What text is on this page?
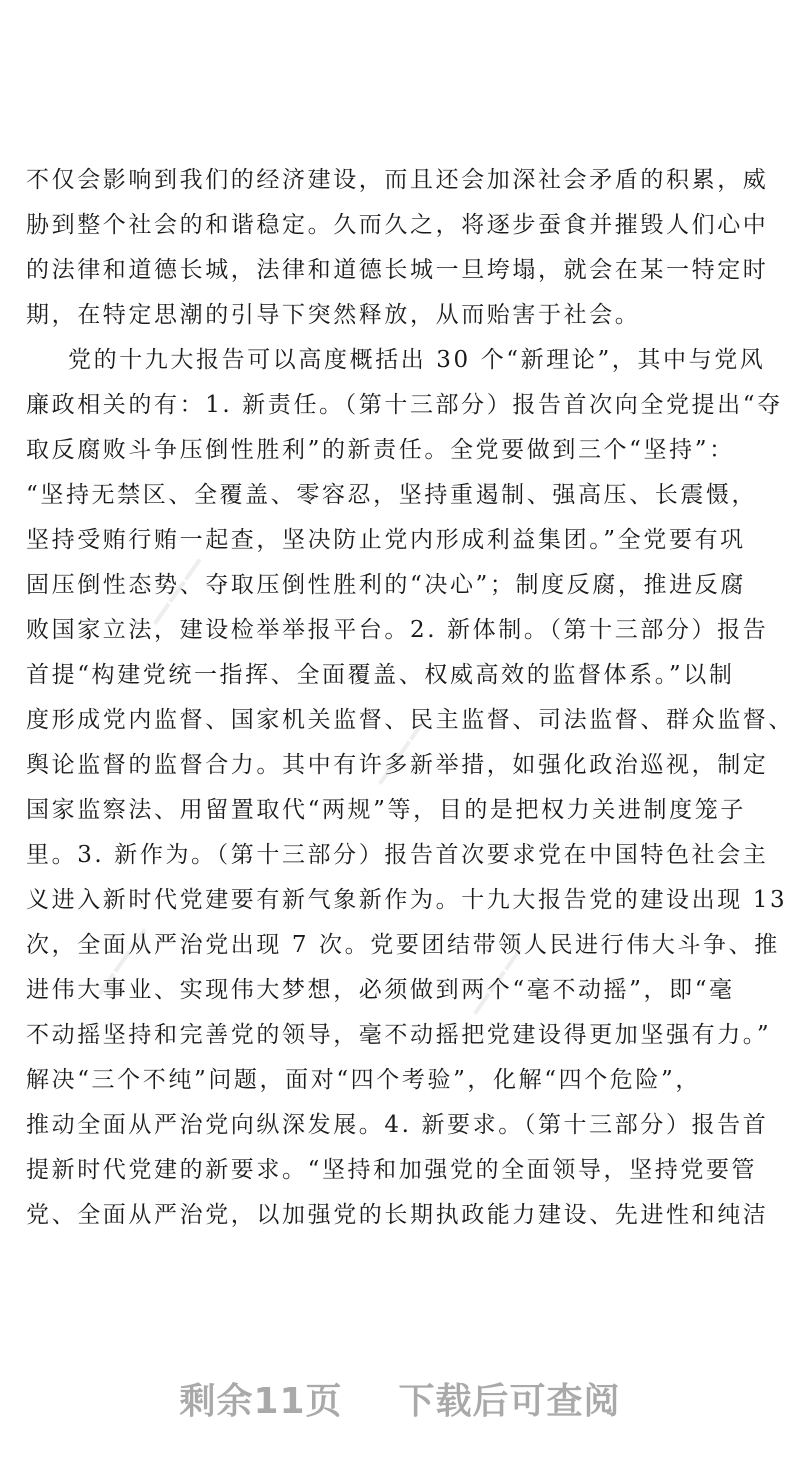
⎯⎯⎯
⎯⎯⎯
⎯⎯⎯	⎯⎯⎯
不仅会影响到我们的经济建设，而且还会加深社会矛盾的积累，威
胁到整个社会的和谐稳定。久而久之，将逐步蚕食并摧毁人们心中
的法律和道德长城，法律和道德长城一旦垮塌，就会在某一特定时
期，在特定思潮的引导下突然释放，从而贻害于社会。
党的十九大报告可以高度概括出 30 个“新理论”，其中与党风
廉政相关的有：1. 新责任。（第十三部分）报告首次向全党提出“夺
取反腐败斗争压倒性胜利”的新责任。全党要做到三个“坚持”：
“坚持无禁区、全覆盖、零容忍，坚持重遏制、强高压、长震慑，
坚持受贿行贿一起查，坚决防止党内形成利益集团。”全党要有巩
固压倒性态势、夺取压倒性胜利的“决心”；制度反腐，推进反腐
败国家立法，建设检举举报平台。2. 新体制。（第十三部分）报告
首提“构建党统一指挥、全面覆盖、权威高效的监督体系。”以制
度形成党内监督、国家机关监督、民主监督、司法监督、群众监督、
舆论监督的监督合力。其中有许多新举措，如强化政治巡视，制定
国家监察法、用留置取代“两规”等，目的是把权力关进制度笼子
里。3. 新作为。（第十三部分）报告首次要求党在中国特色社会主
义进入新时代党建要有新气象新作为。十九大报告党的建设出现 13
次，全面从严治党出现 7 次。党要团结带领人民进行伟大斗争、推
进伟大事业、实现伟大梦想，必须做到两个“毫不动摇”，即“毫
不动摇坚持和完善党的领导，毫不动摇把党建设得更加坚强有力。”
解决“三个不纯”问题，面对“四个考验”，化解“四个危险”，
推动全面从严治党向纵深发展。4. 新要求。（第十三部分）报告首
提新时代党建的新要求。“坚持和加强党的全面领导，坚持党要管
党、全面从严治党，以加强党的长期执政能力建设、先进性和纯洁
剩余11页 下载后可查阅
